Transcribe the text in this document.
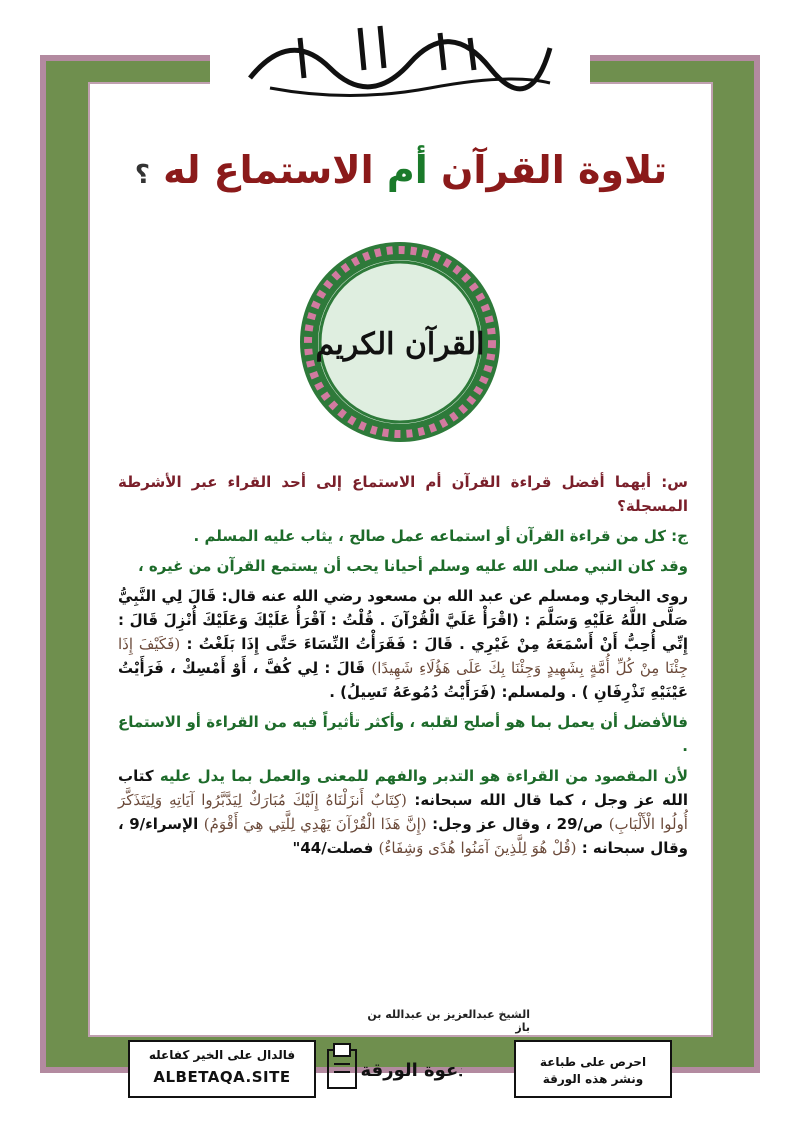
بسم الله الرحمن الرحيم
تلاوة القرآن أم الاستماع له ؟
القرآن الكريم

س: أيهما أفضل قراءة القرآن أم الاستماع إلى أحد القراء عبر الأشرطة المسجلة؟

ج: كل من قراءة القرآن أو استماعه عمل صالح ، يثاب عليه المسلم .

وقد كان النبي صلى الله عليه وسلم أحيانا يحب أن يستمع القرآن من غيره ،

روى البخاري ومسلم عن عبد الله بن مسعود رضي الله عنه قال: قَالَ لِي النَّبِيُّ صَلَّى اللَّهُ عَلَيْهِ وَسَلَّمَ : (اقْرَأْ عَلَيَّ الْقُرْآنَ . قُلْتُ : آقْرَأُ عَلَيْكَ وَعَلَيْكَ أُنْزِلَ قَالَ : إِنِّي أُحِبُّ أَنْ أَسْمَعَهُ مِنْ غَيْرِي . قَالَ : فَقَرَأْتُ النِّسَاءَ حَتَّى إِذَا بَلَغْتُ : (فَكَيْفَ إِذَا جِئْنَا مِنْ كُلِّ أُمَّةٍ بِشَهِيدٍ وَجِئْنَا بِكَ عَلَى هَؤُلَاءِ شَهِيدًا) قَالَ : لِي كُفَّ ، أَوْ أَمْسِكْ ، فَرَأَيْتُ عَيْنَيْهِ تَذْرِفَانِ ) . ولمسلم: (فَرَأَيْتُ دُمُوعَهُ تَسِيلُ) .

فالأفضل أن يعمل بما هو أصلح لقلبه ، وأكثر تأثيراً فيه من القراءة أو الاستماع .

لأن المقصود من القراءة هو التدبر والفهم للمعنى والعمل بما يدل عليه كتاب الله عز وجل ، كما قال الله سبحانه: (كِتَابٌ أَنزَلْنَاهُ إِلَيْكَ مُبَارَكٌ لِيَدَّبَّرُوا آيَاتِهِ وَلِيَتَذَكَّرَ أُولُوا الْأَلْبَابِ) ص/29 ، وقال عز وجل: (إِنَّ هَذَا الْقُرْآنَ يَهْدِي لِلَّتِي هِيَ أَقْوَمُ) الإسراء/9 ، وقال سبحانه : (قُلْ هُوَ لِلَّذِينَ آمَنُوا هُدًى وَشِفَاءٌ) فصلت/44"

الشيخ عبدالعزيز بن عبدالله بن باز
احرص على طباعة
ونشر هذه الورقة
دعوة الورقة
فالدال على الخير كفاعله
ALBETAQA.SITE
